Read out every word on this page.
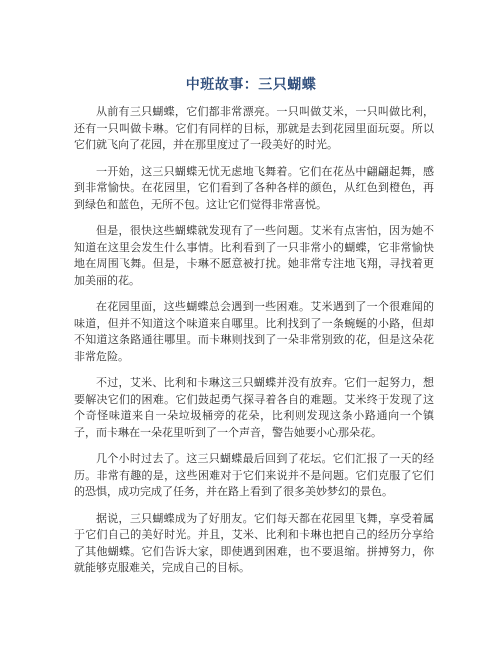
中班故事：三只蝴蝶

从前有三只蝴蝶，它们都非常漂亮。一只叫做艾米，一只叫做比利，还有一只叫做卡琳。它们有同样的目标，那就是去到花园里面玩耍。所以它们就飞向了花园，并在那里度过了一段美好的时光。

一开始，这三只蝴蝶无忧无虑地飞舞着。它们在花丛中翩翩起舞，感到非常愉快。在花园里，它们看到了各种各样的颜色，从红色到橙色，再到绿色和蓝色，无所不包。这让它们觉得非常喜悦。

但是，很快这些蝴蝶就发现有了一些问题。艾米有点害怕，因为她不知道在这里会发生什么事情。比利看到了一只非常小的蝴蝶，它非常愉快地在周围飞舞。但是，卡琳不愿意被打扰。她非常专注地飞翔，寻找着更加美丽的花。

在花园里面，这些蝴蝶总会遇到一些困难。艾米遇到了一个很难闻的味道，但并不知道这个味道来自哪里。比利找到了一条蜿蜒的小路，但却不知道这条路通往哪里。而卡琳则找到了一朵非常别致的花，但是这朵花非常危险。

不过，艾米、比利和卡琳这三只蝴蝶并没有放弃。它们一起努力，想要解决它们的困难。它们鼓起勇气探寻着各自的难题。艾米终于发现了这个奇怪味道来自一朵垃圾桶旁的花朵，比利则发现这条小路通向一个镇子，而卡琳在一朵花里听到了一个声音，警告她要小心那朵花。

几个小时过去了。这三只蝴蝶最后回到了花坛。它们汇报了一天的经历。非常有趣的是，这些困难对于它们来说并不是问题。它们克服了它们的恐惧，成功完成了任务，并在路上看到了很多美妙梦幻的景色。

据说，三只蝴蝶成为了好朋友。它们每天都在花园里飞舞，享受着属于它们自己的美好时光。并且，艾米、比利和卡琳也把自己的经历分享给了其他蝴蝶。它们告诉大家，即使遇到困难，也不要退缩。拼搏努力，你就能够克服难关，完成自己的目标。
